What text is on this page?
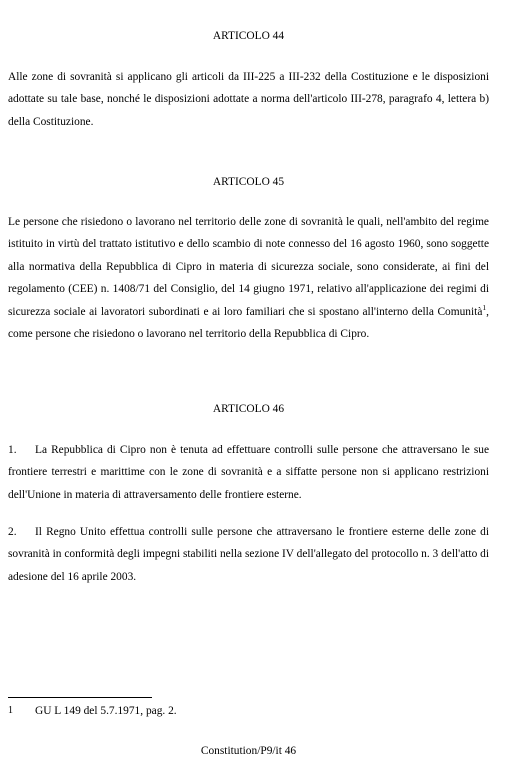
ARTICOLO 44
Alle zone di sovranità si applicano gli articoli da III-225 a III-232 della Costituzione e le disposizioni adottate su tale base, nonché le disposizioni adottate a norma dell'articolo III-278, paragrafo 4, lettera b) della Costituzione.
ARTICOLO 45
Le persone che risiedono o lavorano nel territorio delle zone di sovranità le quali, nell'ambito del regime istituito in virtù del trattato istitutivo e dello scambio di note connesso del 16 agosto 1960, sono soggette alla normativa della Repubblica di Cipro in materia di sicurezza sociale, sono considerate, ai fini del regolamento (CEE) n. 1408/71 del Consiglio, del 14 giugno 1971, relativo all'applicazione dei regimi di sicurezza sociale ai lavoratori subordinati e ai loro familiari che si spostano all'interno della Comunità$^1$, come persone che risiedono o lavorano nel territorio della Repubblica di Cipro.
ARTICOLO 46
1. La Repubblica di Cipro non è tenuta ad effettuare controlli sulle persone che attraversano le sue frontiere terrestri e marittime con le zone di sovranità e a siffatte persone non si applicano restrizioni dell'Unione in materia di attraversamento delle frontiere esterne.
2. Il Regno Unito effettua controlli sulle persone che attraversano le frontiere esterne delle zone di sovranità in conformità degli impegni stabiliti nella sezione IV dell'allegato del protocollo n. 3 dell'atto di adesione del 16 aprile 2003.
1 GU L 149 del 5.7.1971, pag. 2.
Constitution/P9/it 46
